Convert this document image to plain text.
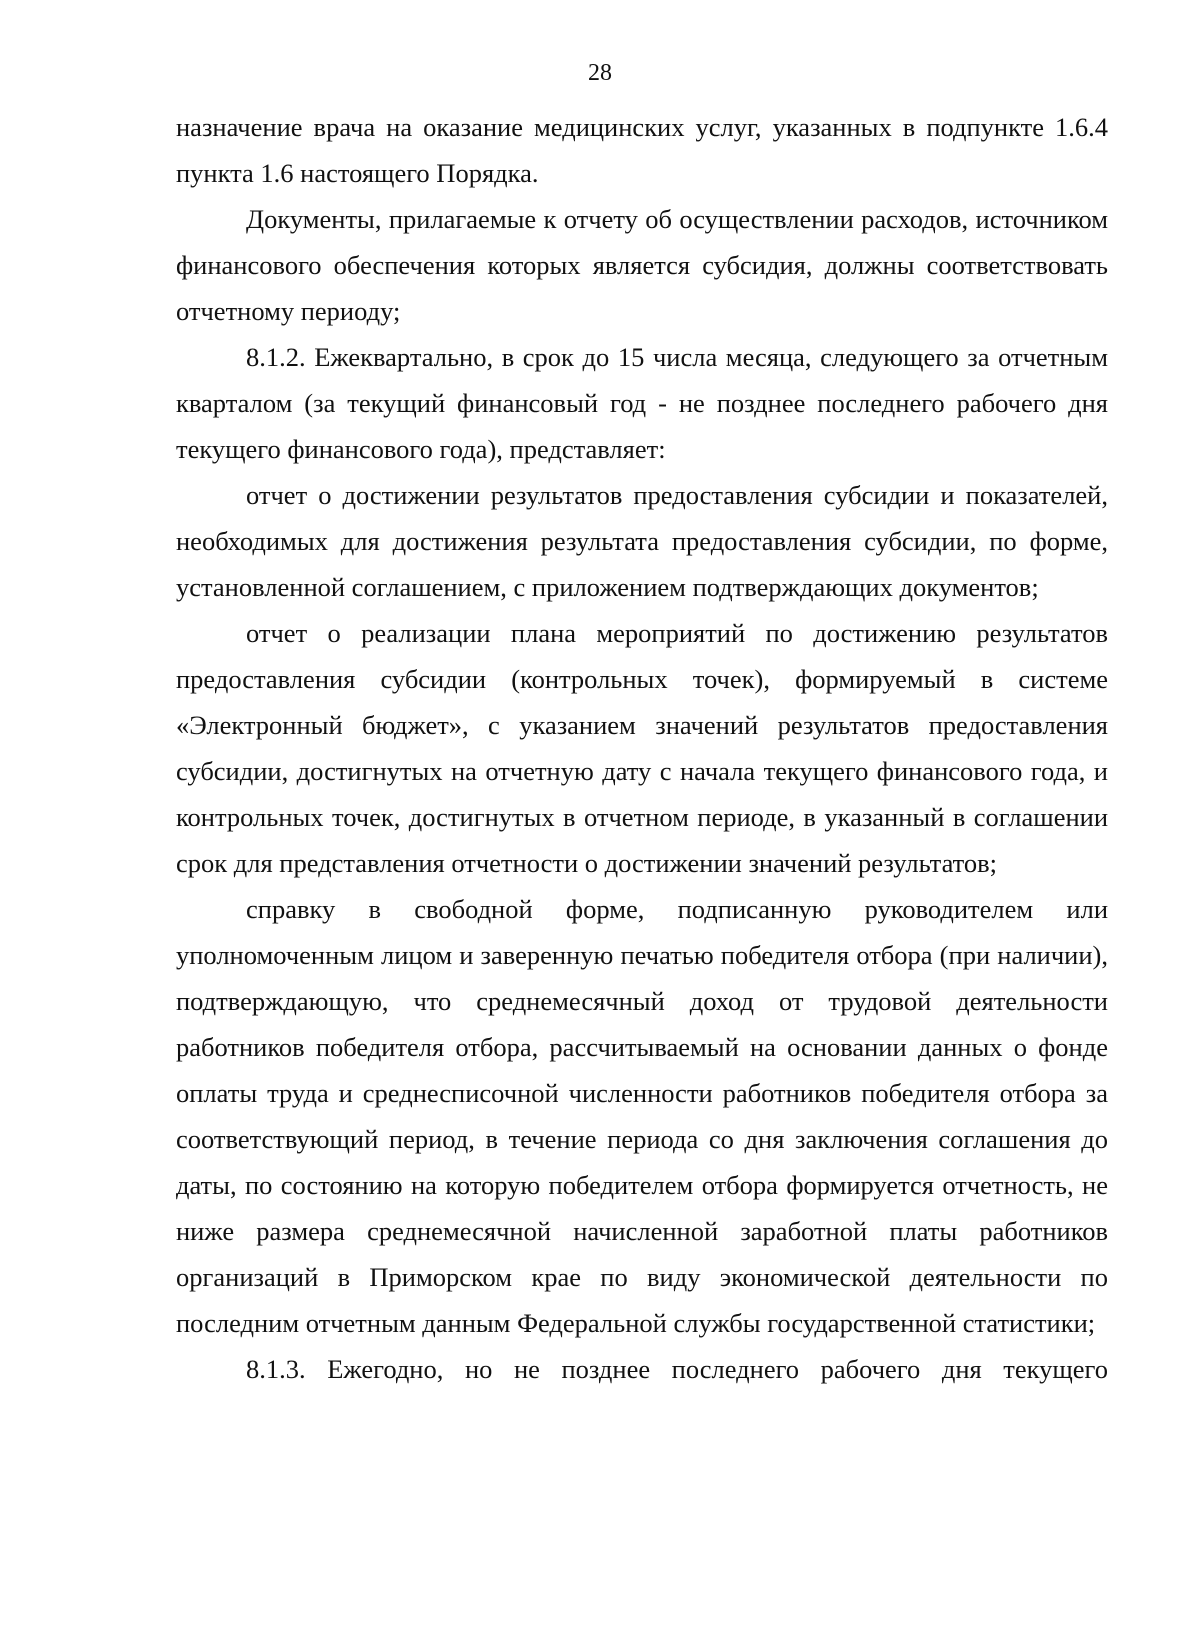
28

назначение врача на оказание медицинских услуг, указанных в подпункте 1.6.4 пункта 1.6 настоящего Порядка.

Документы, прилагаемые к отчету об осуществлении расходов, источником финансового обеспечения которых является субсидия, должны соответствовать отчетному периоду;

8.1.2. Ежеквартально, в срок до 15 числа месяца, следующего за отчетным кварталом (за текущий финансовый год - не позднее последнего рабочего дня текущего финансового года), представляет:

отчет о достижении результатов предоставления субсидии и показателей, необходимых для достижения результата предоставления субсидии, по форме, установленной соглашением, с приложением подтверждающих документов;

отчет о реализации плана мероприятий по достижению результатов предоставления субсидии (контрольных точек), формируемый в системе «Электронный бюджет», с указанием значений результатов предоставления субсидии, достигнутых на отчетную дату с начала текущего финансового года, и контрольных точек, достигнутых в отчетном периоде, в указанный в соглашении срок для представления отчетности о достижении значений результатов;

справку в свободной форме, подписанную руководителем или уполномоченным лицом и заверенную печатью победителя отбора (при наличии), подтверждающую, что среднемесячный доход от трудовой деятельности работников победителя отбора, рассчитываемый на основании данных о фонде оплаты труда и среднесписочной численности работников победителя отбора за соответствующий период, в течение периода со дня заключения соглашения до даты, по состоянию на которую победителем отбора формируется отчетность, не ниже размера среднемесячной начисленной заработной платы работников организаций в Приморском крае по виду экономической деятельности по последним отчетным данным Федеральной службы государственной статистики;

8.1.3. Ежегодно, но не позднее последнего рабочего дня текущего
